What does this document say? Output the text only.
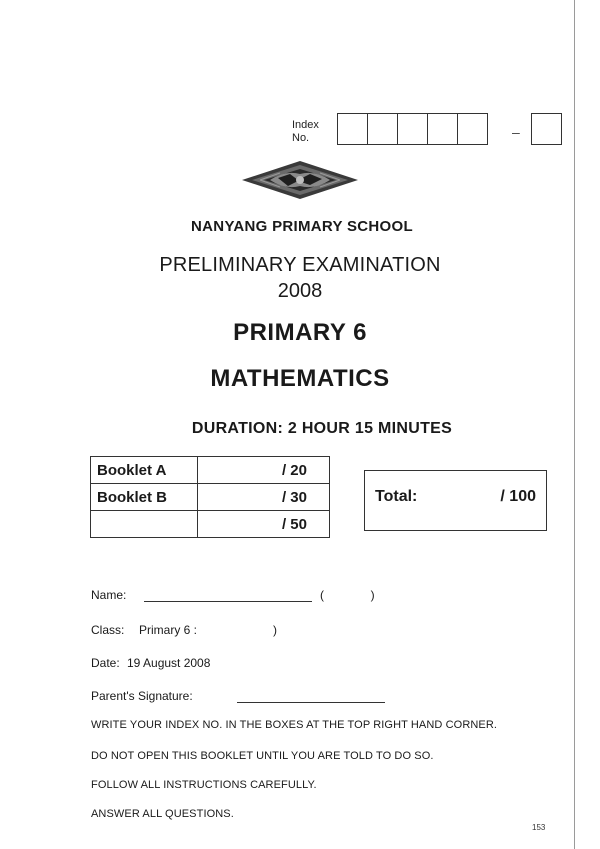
Index
No.	–
NANYANG PRIMARY SCHOOL
PRELIMINARY EXAMINATION
2008
PRIMARY 6
MATHEMATICS
DURATION: 2 HOUR 15 MINUTES
Booklet A	/ 20
Booklet B	/ 30
	/ 50
Total:	/ 100
Name:	(              )
Class: Primary 6 :	)
Date: 19 August 2008
Parent's Signature:
WRITE YOUR INDEX NO. IN THE BOXES AT THE TOP RIGHT HAND CORNER.
DO NOT OPEN THIS BOOKLET UNTIL YOU ARE TOLD TO DO SO.
FOLLOW ALL INSTRUCTIONS CAREFULLY.
ANSWER ALL QUESTIONS.
153
